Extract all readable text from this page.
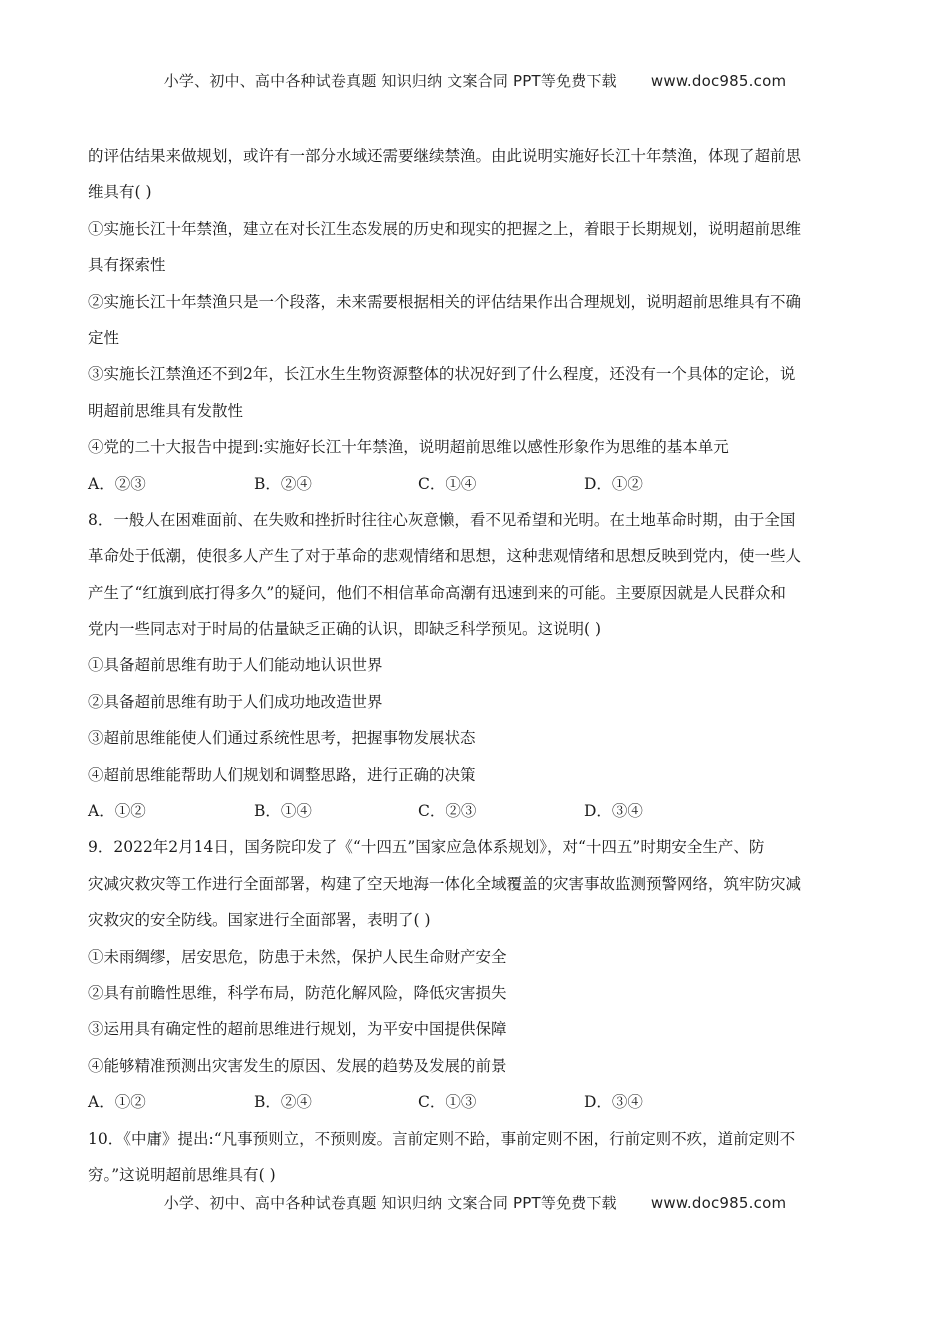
小学、初中、高中各种试卷真题 知识归纳 文案合同 PPT等免费下载 www.doc985.com
的评估结果来做规划，或许有一部分水域还需要继续禁渔。由此说明实施好长江十年禁渔，体现了超前思
维具有( )
①实施长江十年禁渔，建立在对长江生态发展的历史和现实的把握之上，着眼于长期规划，说明超前思维
具有探索性
②实施长江十年禁渔只是一个段落，未来需要根据相关的评估结果作出合理规划，说明超前思维具有不确
定性
③实施长江禁渔还不到2年，长江水生生物资源整体的状况好到了什么程度，还没有一个具体的定论，说
明超前思维具有发散性
④党的二十大报告中提到:实施好长江十年禁渔，说明超前思维以感性形象作为思维的基本单元
A．②③	B．②④	C．①④	D．①②
8．一般人在困难面前、在失败和挫折时往往心灰意懒，看不见希望和光明。在土地革命时期，由于全国
革命处于低潮，使很多人产生了对于革命的悲观情绪和思想，这种悲观情绪和思想反映到党内，使一些人
产生了“红旗到底打得多久”的疑问，他们不相信革命高潮有迅速到来的可能。主要原因就是人民群众和
党内一些同志对于时局的估量缺乏正确的认识，即缺乏科学预见。这说明( )
①具备超前思维有助于人们能动地认识世界
②具备超前思维有助于人们成功地改造世界
③超前思维能使人们通过系统性思考，把握事物发展状态
④超前思维能帮助人们规划和调整思路，进行正确的决策
A．①②	B．①④	C．②③	D．③④
9．2022年2月14日，国务院印发了《“十四五”国家应急体系规划》，对“十四五”时期安全生产、防
灾减灾救灾等工作进行全面部署，构建了空天地海一体化全域覆盖的灾害事故监测预警网络，筑牢防灾减
灾救灾的安全防线。国家进行全面部署，表明了( )
①未雨绸缪，居安思危，防患于未然，保护人民生命财产安全
②具有前瞻性思维，科学布局，防范化解风险，降低灾害损失
③运用具有确定性的超前思维进行规划，为平安中国提供保障
④能够精准预测出灾害发生的原因、发展的趋势及发展的前景
A．①②	B．②④	C．①③	D．③④
10．《中庸》提出:“凡事预则立，不预则废。言前定则不跲，事前定则不困，行前定则不疚，道前定则不
穷。”这说明超前思维具有( )
小学、初中、高中各种试卷真题 知识归纳 文案合同 PPT等免费下载 www.doc985.com
